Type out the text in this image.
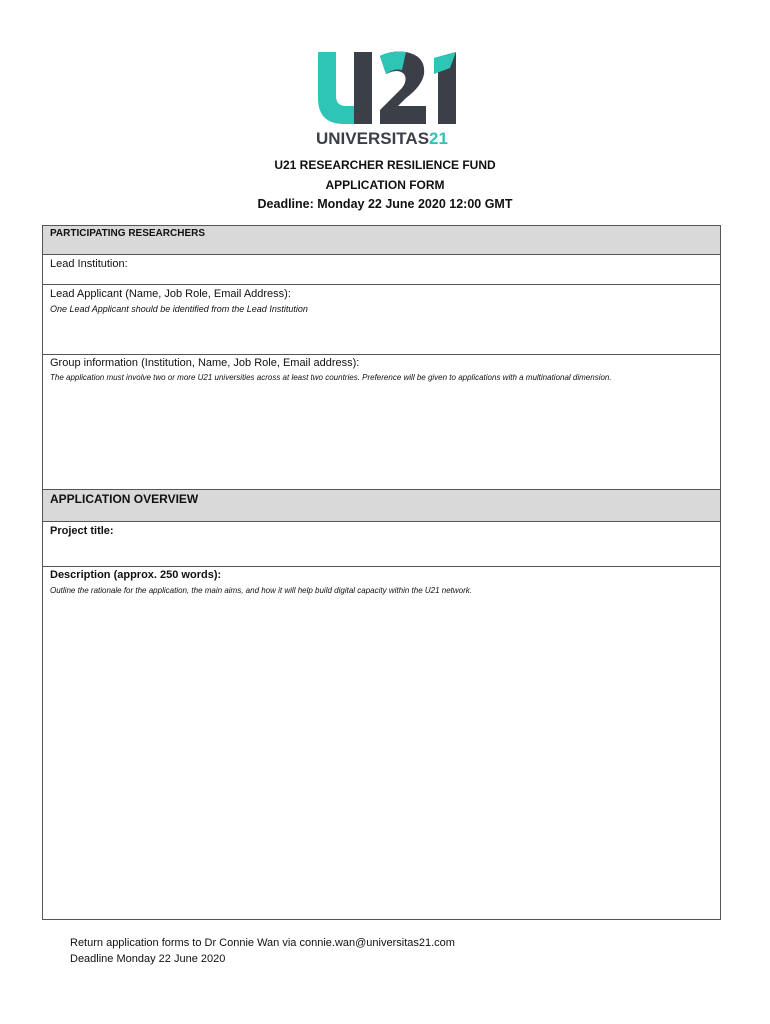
UNIVERSITAS21
U21 RESEARCHER RESILIENCE FUND
APPLICATION FORM
Deadline: Monday 22 June 2020 12:00 GMT
PARTICIPATING RESEARCHERS
Lead Institution:
Lead Applicant (Name, Job Role, Email Address):
One Lead Applicant should be identified from the Lead Institution
Group information (Institution, Name, Job Role, Email address):
The application must involve two or more U21 universities across at least two countries. Preference will be given to applications with a multinational dimension.
APPLICATION OVERVIEW
Project title:
Description (approx. 250 words):
Outline the rationale for the application, the main aims, and how it will help build digital capacity within the U21 network.
Return application forms to Dr Connie Wan via connie.wan@universitas21.com
Deadline Monday 22 June 2020
